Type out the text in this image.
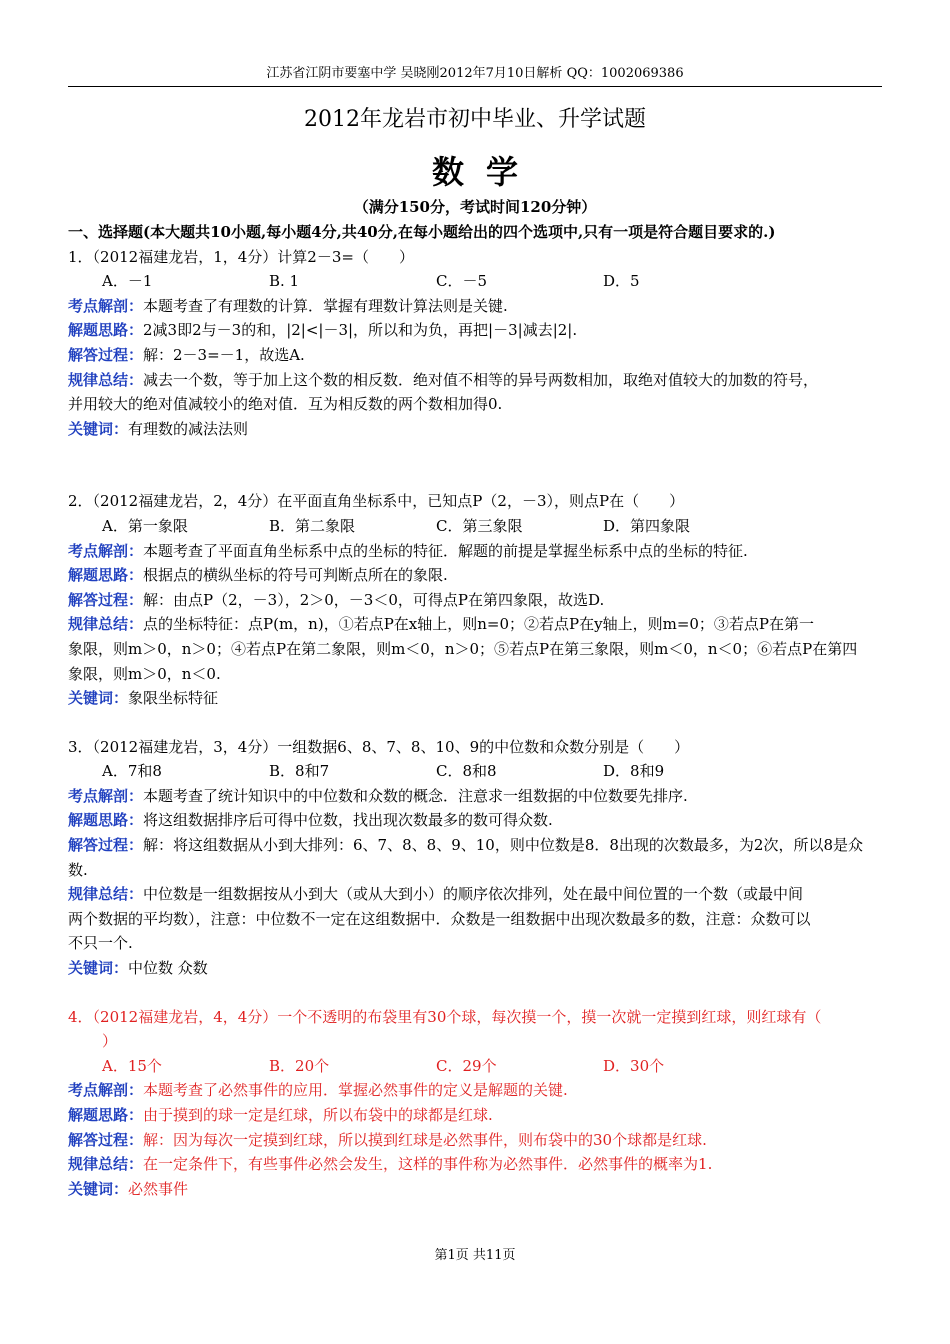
江苏省江阴市要塞中学 吴晓刚2012年7月10日解析 QQ：1002069386
2012年龙岩市初中毕业、升学试题
数学
（满分150分，考试时间120分钟）
一、选择题(本大题共10小题,每小题4分,共40分,在每小题给出的四个选项中,只有一项是符合题目要求的.)
1．（2012福建龙岩，1，4分）计算2－3=（　　）
A．－1	B. 1	C．－5	D．5
考点解剖：本题考查了有理数的计算．掌握有理数计算法则是关键.
解题思路：2减3即2与－3的和，|2|<|－3|，所以和为负，再把|－3|减去|2|.
解答过程：解：2－3=－1，故选A.
规律总结：减去一个数，等于加上这个数的相反数．绝对值不相等的异号两数相加，取绝对值较大的加数的符号，
并用较大的绝对值减较小的绝对值．互为相反数的两个数相加得0.
关键词：有理数的减法法则
2．（2012福建龙岩，2，4分）在平面直角坐标系中，已知点P（2，－3），则点P在（　　）
A．第一象限	B．第二象限	C．第三象限	D．第四象限
考点解剖：本题考查了平面直角坐标系中点的坐标的特征．解题的前提是掌握坐标系中点的坐标的特征.
解题思路：根据点的横纵坐标的符号可判断点所在的象限.
解答过程：解：由点P（2，－3），2＞0，－3＜0，可得点P在第四象限，故选D.
规律总结：点的坐标特征：点P(m，n)，①若点P在x轴上，则n=0；②若点P在y轴上，则m=0；③若点P在第一
象限，则m＞0，n＞0；④若点P在第二象限，则m＜0，n＞0；⑤若点P在第三象限，则m＜0，n＜0；⑥若点P在第四
象限，则m＞0，n＜0.
关键词：象限坐标特征
3．（2012福建龙岩，3，4分）一组数据6、8、7、8、10、9的中位数和众数分别是（　　）
A．7和8	B．8和7	C．8和8	D．8和9
考点解剖：本题考查了统计知识中的中位数和众数的概念．注意求一组数据的中位数要先排序.
解题思路：将这组数据排序后可得中位数，找出现次数最多的数可得众数.
解答过程：解：将这组数据从小到大排列：6、7、8、8、9、10，则中位数是8．8出现的次数最多，为2次，所以8是众
数.
规律总结：中位数是一组数据按从小到大（或从大到小）的顺序依次排列，处在最中间位置的一个数（或最中间
两个数据的平均数），注意：中位数不一定在这组数据中．众数是一组数据中出现次数最多的数，注意：众数可以
不只一个.
关键词：中位数 众数
4．（2012福建龙岩，4，4分）一个不透明的布袋里有30个球，每次摸一个，摸一次就一定摸到红球，则红球有（
）
A．15个	B．20个	C．29个	D．30个
考点解剖：本题考查了必然事件的应用．掌握必然事件的定义是解题的关键.
解题思路：由于摸到的球一定是红球，所以布袋中的球都是红球.
解答过程：解：因为每次一定摸到红球，所以摸到红球是必然事件，则布袋中的30个球都是红球.
规律总结：在一定条件下，有些事件必然会发生，这样的事件称为必然事件．必然事件的概率为1.
关键词：必然事件
第1页 共11页
